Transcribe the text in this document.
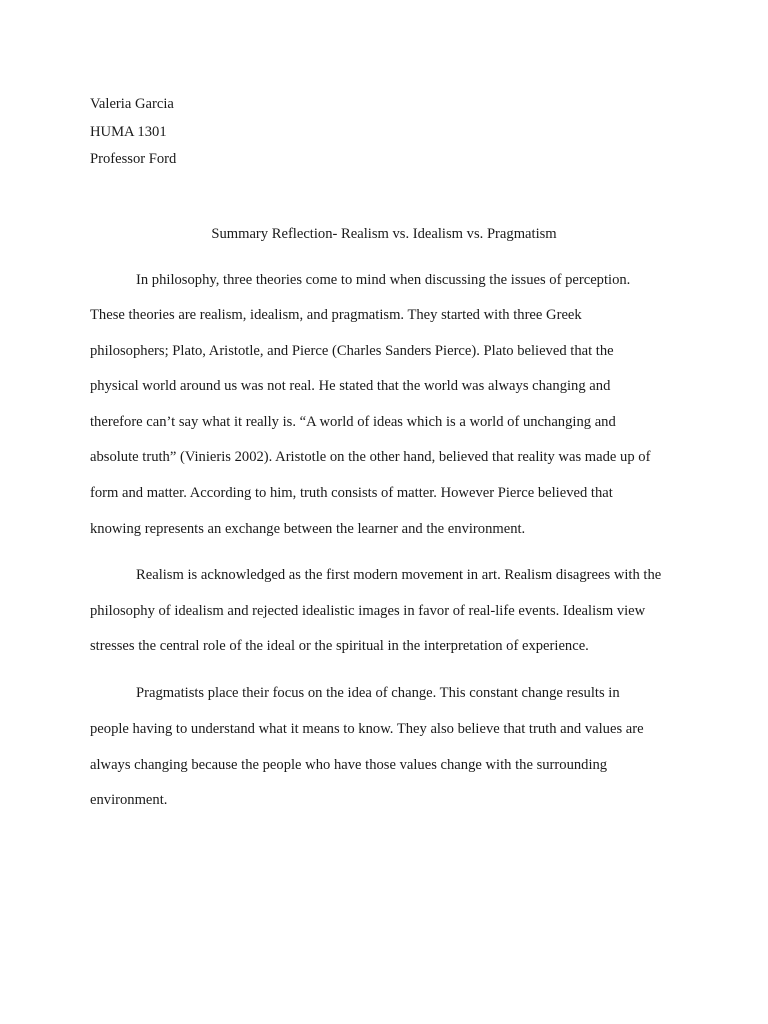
Valeria Garcia
HUMA 1301
Professor Ford
Summary Reflection- Realism vs. Idealism vs. Pragmatism
In philosophy, three theories come to mind when discussing the issues of perception.
These theories are realism, idealism, and pragmatism. They started with three Greek
philosophers; Plato, Aristotle, and Pierce (Charles Sanders Pierce). Plato believed that the
physical world around us was not real. He stated that the world was always changing and
therefore can’t say what it really is. “A world of ideas which is a world of unchanging and
absolute truth” (Vinieris 2002). Aristotle on the other hand, believed that reality was made up of
form and matter. According to him, truth consists of matter. However Pierce believed that
knowing represents an exchange between the learner and the environment.
Realism is acknowledged as the first modern movement in art. Realism disagrees with the
philosophy of idealism and rejected idealistic images in favor of real-life events. Idealism view
stresses the central role of the ideal or the spiritual in the interpretation of experience.
Pragmatists place their focus on the idea of change. This constant change results in
people having to understand what it means to know. They also believe that truth and values are
always changing because the people who have those values change with the surrounding
environment.
